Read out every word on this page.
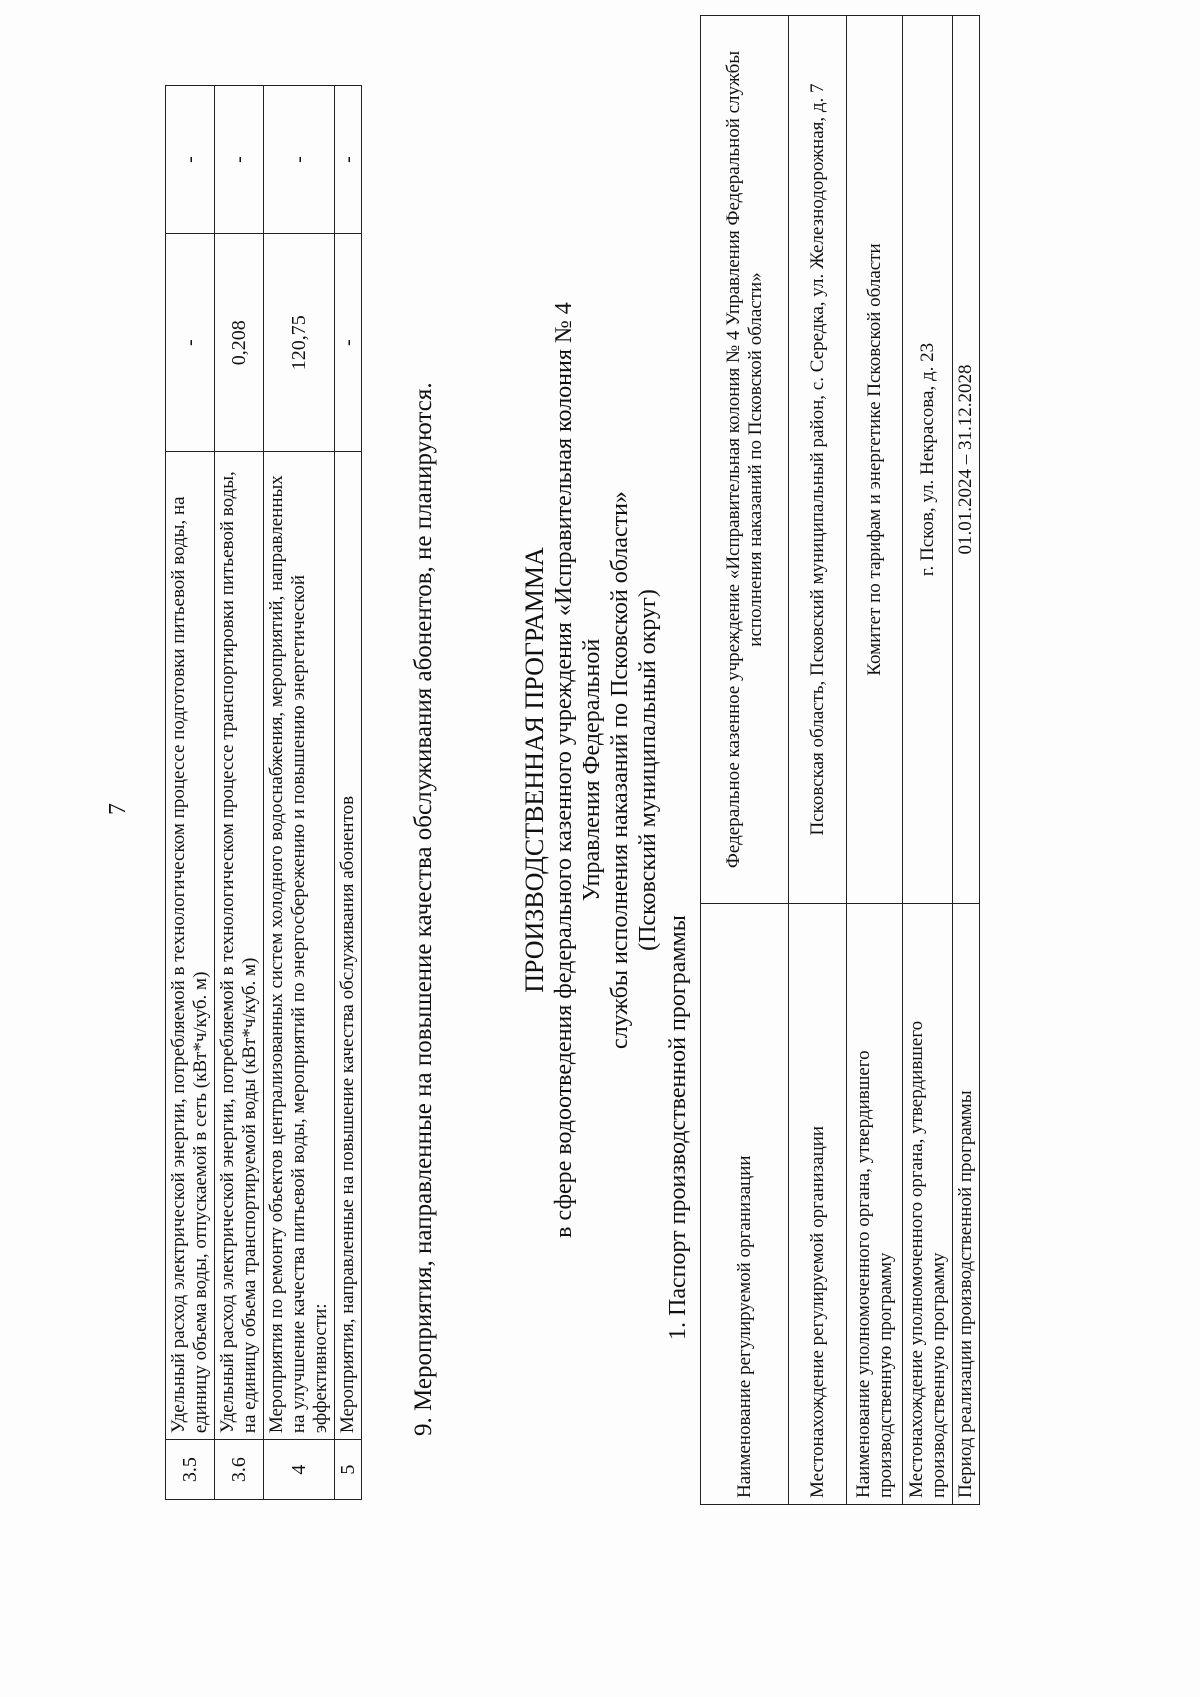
7
3.5	Удельный расход электрической энергии, потребляемой в технологическом процессе подготовки питьевой воды, на единицу объема воды, отпускаемой в сеть (кВт*ч/куб. м)	-	-
3.6	Удельный расход электрической энергии, потребляемой в технологическом процессе транспортировки питьевой воды, на единицу объема транспортируемой воды (кВт*ч/куб. м)	0,208	-
4	Мероприятия по ремонту объектов централизованных систем холодного водоснабжения, мероприятий, направленных на улучшение качества питьевой воды, мероприятий по энергосбережению и повышению энергетической эффективности:	120,75	-
5	Мероприятия, направленные на повышение качества обслуживания абонентов	-	-
9. Мероприятия, направленные на повышение качества обслуживания абонентов, не планируются.	ПРОИЗВОДСТВЕННАЯ ПРОГРАММА в сфере водоотведения федерального казенного учреждения «Исправительная колония № 4 Управления Федеральной службы исполнения наказаний по Псковской области» (Псковский муниципальный округ)
1. Паспорт производственной программы Наименование регулируемой организации	Федеральное казенное учреждение «Исправительная колония № 4 Управления Федеральной службы исполнения наказаний по Псковской области»
Местонахождение регулируемой организации	Псковская область, Псковский муниципальный район, с. Середка, ул. Железнодорожная, д. 7
Наименование уполномоченного органа, утвердившего производственную программу	Комитет по тарифам и энергетике Псковской области
Местонахождение уполномоченного органа, утвердившего производственную программу	г. Псков, ул. Некрасова, д. 23
Период реализации производственной программы	01.01.2024 – 31.12.2028
